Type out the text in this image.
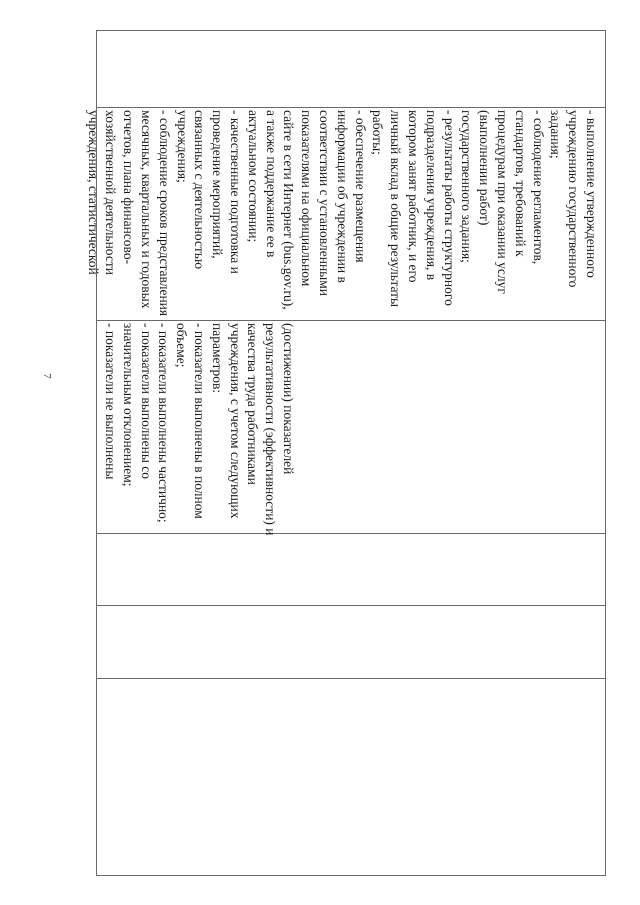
7	(достижении) показателей
результативности (эффективности) и
качества труда работниками
учреждения, с учетом следующих
параметров:
- показатели выполнены в полном
объеме;
- показатели выполнены частично;
- показатели выполнены со
значительным отклонением;
- показатели не выполнены
- выполнение утвержденного
учреждению государственного
задания;
- соблюдение регламентов,
стандартов, требований к
процедурам при оказании услуг
(выполнении работ)
государственного задания;
- результаты работы структурного
подразделения учреждения, в
котором занят работник, и его
личный вклад в общие результаты
работы;
- обеспечение размещения
информации об учреждении в
соответствии с установленными
показателями на официальном
сайте в сети Интернет (bus.gov.ru),
а также поддержание ее в
актуальном состоянии;
- качественные подготовка и
проведение мероприятий,
связанных с деятельностью
учреждения;
- соблюдение сроков представления
месячных, квартальных и годовых
отчетов, плана финансово-
хозяйственной деятельности
учреждения, статистической
